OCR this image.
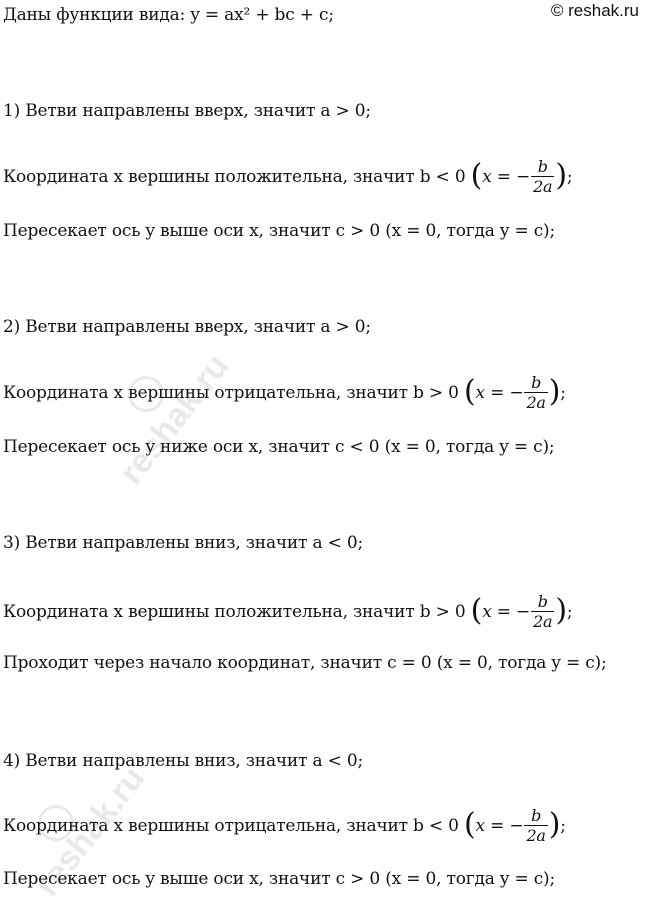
Даны функции вида: y = ax² + bc + c;	© reshak.ru
reshak.ru
reshak.ru
1) Ветви направлены вверх, значит a > 0;
Координата x вершины положительна, значит b < 0 (x = − $\frac{b}{2a}$ );
Пересекает ось y выше оси x, значит c > 0 (x = 0, тогда y = c);
2) Ветви направлены вверх, значит a > 0;
Координата x вершины отрицательна, значит b > 0 (x = − $\frac{b}{2a}$ );
Пересекает ось y ниже оси x, значит c < 0 (x = 0, тогда y = c);
3) Ветви направлены вниз, значит a < 0;
Координата x вершины положительна, значит b > 0 (x = − $\frac{b}{2a}$ );
Проходит через начало координат, значит c = 0 (x = 0, тогда y = c);
4) Ветви направлены вниз, значит a < 0;
Координата x вершины отрицательна, значит b < 0 (x = − $\frac{b}{2a}$ );
Пересекает ось y выше оси x, значит c > 0 (x = 0, тогда y = c);
